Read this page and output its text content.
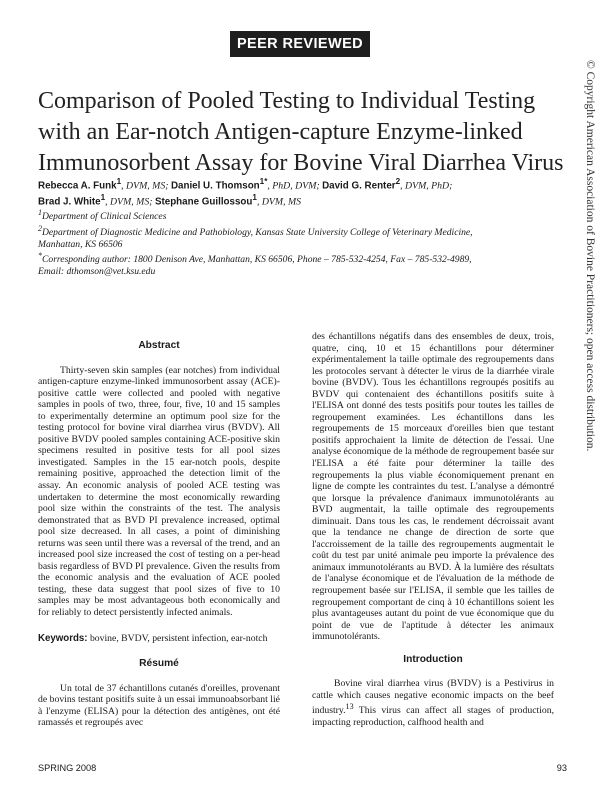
PEER REVIEWED
© Copyright American Association of Bovine Practitioners; open access distribution.
Comparison of Pooled Testing to Individual Testing
with an Ear-notch Antigen-capture Enzyme-linked
Immunosorbent Assay for Bovine Viral Diarrhea Virus

Rebecca A. Funk$^1$, DVM, MS; Daniel U. Thomson$^{1*}$, PhD, DVM; David G. Renter$^2$, DVM, PhD;

Brad J. White$^1$, DVM, MS; Stephane Guillossou$^1$, DVM, MS

$^1$Department of Clinical Sciences

$^2$Department of Diagnostic Medicine and Pathobiology, Kansas State University College of Veterinary Medicine,

Manhattan, KS 66506

*Corresponding author: 1800 Denison Ave, Manhattan, KS 66506, Phone – 785-532-4254, Fax – 785-532-4989,

Email: dthomson@vet.ksu.edu

Abstract

Thirty-seven skin samples (ear notches) from individual antigen-capture enzyme-linked immunosorbent assay (ACE)-positive cattle were collected and pooled with negative samples in pools of two, three, four, five, 10 and 15 samples to experimentally determine an optimum pool size for the testing protocol for bovine viral diarrhea virus (BVDV). All positive BVDV pooled samples containing ACE-positive skin specimens resulted in positive tests for all pool sizes investigated. Samples in the 15 ear-notch pools, despite remaining positive, approached the detection limit of the assay. An economic analysis of pooled ACE testing was undertaken to determine the most economically rewarding pool size within the constraints of the test. The analysis demonstrated that as BVD PI prevalence increased, optimal pool size decreased. In all cases, a point of diminishing returns was seen until there was a reversal of the trend, and an increased pool size increased the cost of testing on a per-head basis regardless of BVD PI prevalence. Given the results from the economic analysis and the evaluation of ACE pooled testing, these data suggest that pool sizes of five to 10 samples may be most advantageous both economically and for reliably to detect persistently infected animals.

Keywords: bovine, BVDV, persistent infection, ear-notch

Résumé

Un total de 37 échantillons cutanés d'oreilles, provenant de bovins testant positifs suite à un essai immunoabsorbant lié à l'enzyme (ELISA) pour la détection des antigènes, ont été ramassés et regroupés avec

des échantillons négatifs dans des ensembles de deux, trois, quatre, cinq, 10 et 15 échantillons pour déterminer expérimentalement la taille optimale des regroupements dans les protocoles servant à détecter le virus de la diarrhée virale bovine (BVDV). Tous les échantillons regroupés positifs au BVDV qui contenaient des échantillons positifs suite à l'ELISA ont donné des tests positifs pour toutes les tailles de regroupement examinées. Les échantillons dans les regroupements de 15 morceaux d'oreilles bien que testant positifs approchaient la limite de détection de l'essai. Une analyse économique de la méthode de regroupement basée sur l'ELISA a été faite pour déterminer la taille des regroupements la plus viable économiquement prenant en ligne de compte les contraintes du test. L'analyse a démontré que lorsque la prévalence d'animaux immunotolérants au BVD augmentait, la taille optimale des regroupements diminuait. Dans tous les cas, le rendement décroissait avant que la tendance ne change de direction de sorte que l'accroissement de la taille des regroupements augmentait le coût du test par unité animale peu importe la prévalence des animaux immunotolérants au BVD. À la lumière des résultats de l'analyse économique et de l'évaluation de la méthode de regroupement basée sur l'ELISA, il semble que les tailles de regroupement comportant de cinq à 10 échantillons soient les plus avantageuses autant du point de vue économique que du point de vue de l'aptitude à détecter les animaux immunotolérants.

Introduction

Bovine viral diarrhea virus (BVDV) is a Pestivirus in cattle which causes negative economic impacts on the beef industry.$^{13}$ This virus can affect all stages of production, impacting reproduction, calfhood health and

SPRING 2008	93
